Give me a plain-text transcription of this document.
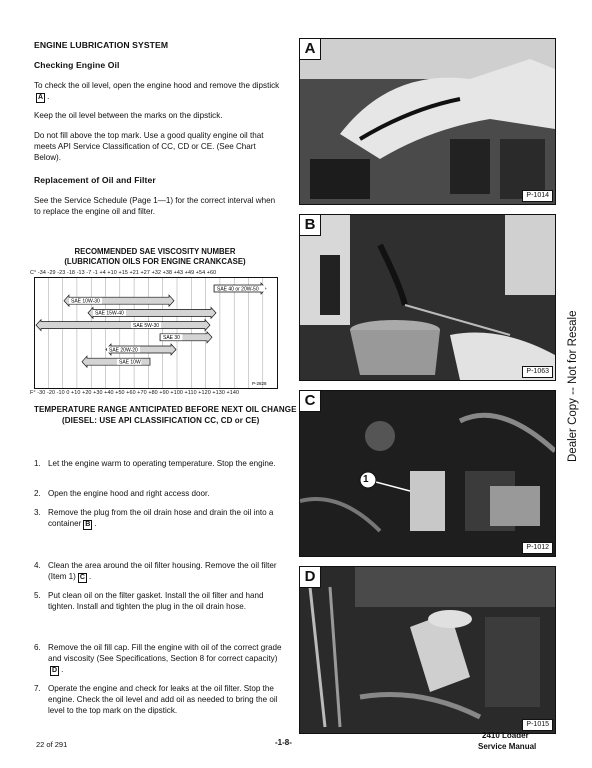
ENGINE LUBRICATION SYSTEM
Checking Engine Oil
To check the oil level, open the engine hood and remove the dipstickA .
Keep the oil level between the marks on the dipstick.
Do not fill above the top mark. Use a good quality engine oil that meets API Service Classification of CC, CD or CE. (See Chart Below).
Replacement of Oil and Filter
See the Service Schedule (Page 1—1) for the correct interval when to replace the engine oil and filter.
RECOMMENDED SAE VISCOSITY NUMBER
(LUBRICATION OILS FOR ENGINE CRANKCASE)
C° -34 -29 -23 -18 -13 -7 -1 +4 +10 +15 +21 +27 +32 +38 +43 +49 +54 +60
SAE 40 or 20W-50
SAE 10W-30
SAE 15W-40
SAE 5W-30
SAE 30
SAE 20W-20
SAE 10W
P-2828
F° -30 -20 -10 0 +10 +20 +30 +40 +50 +60 +70 +80 +90 +100 +110 +120 +130 +140
TEMPERATURE RANGE ANTICIPATED BEFORE NEXT OIL CHANGE
(DIESEL: USE API CLASSIFICATION CC, CD or CE)
1. Let the engine warm to operating temperature. Stop the engine.
2. Open the engine hood and right access door.
3. Remove the plug from the oil drain hose and drain the oil into a container B .
4. Clean the area around the oil filter housing. Remove the oil filter (Item 1) C .
5. Put clean oil on the filter gasket. Install the oil filter and hand tighten. Install and tighten the plug in the oil drain hose.
6. Remove the oil fill cap. Fill the engine with oil of the correct grade and viscosity (See Specifications, Section 8 for correct capacity)D .
7. Operate the engine and check for leaks at the oil filter. Stop the engine. Check the oil level and add oil as needed to bring the oil level to the top mark on the dipstick.
A
P-1014
B
P-1063
1
C
P-1012
D
P-1015
Dealer Copy -- Not for Resale
22 of 291	-1-8-
2410 Loader
Service Manual
